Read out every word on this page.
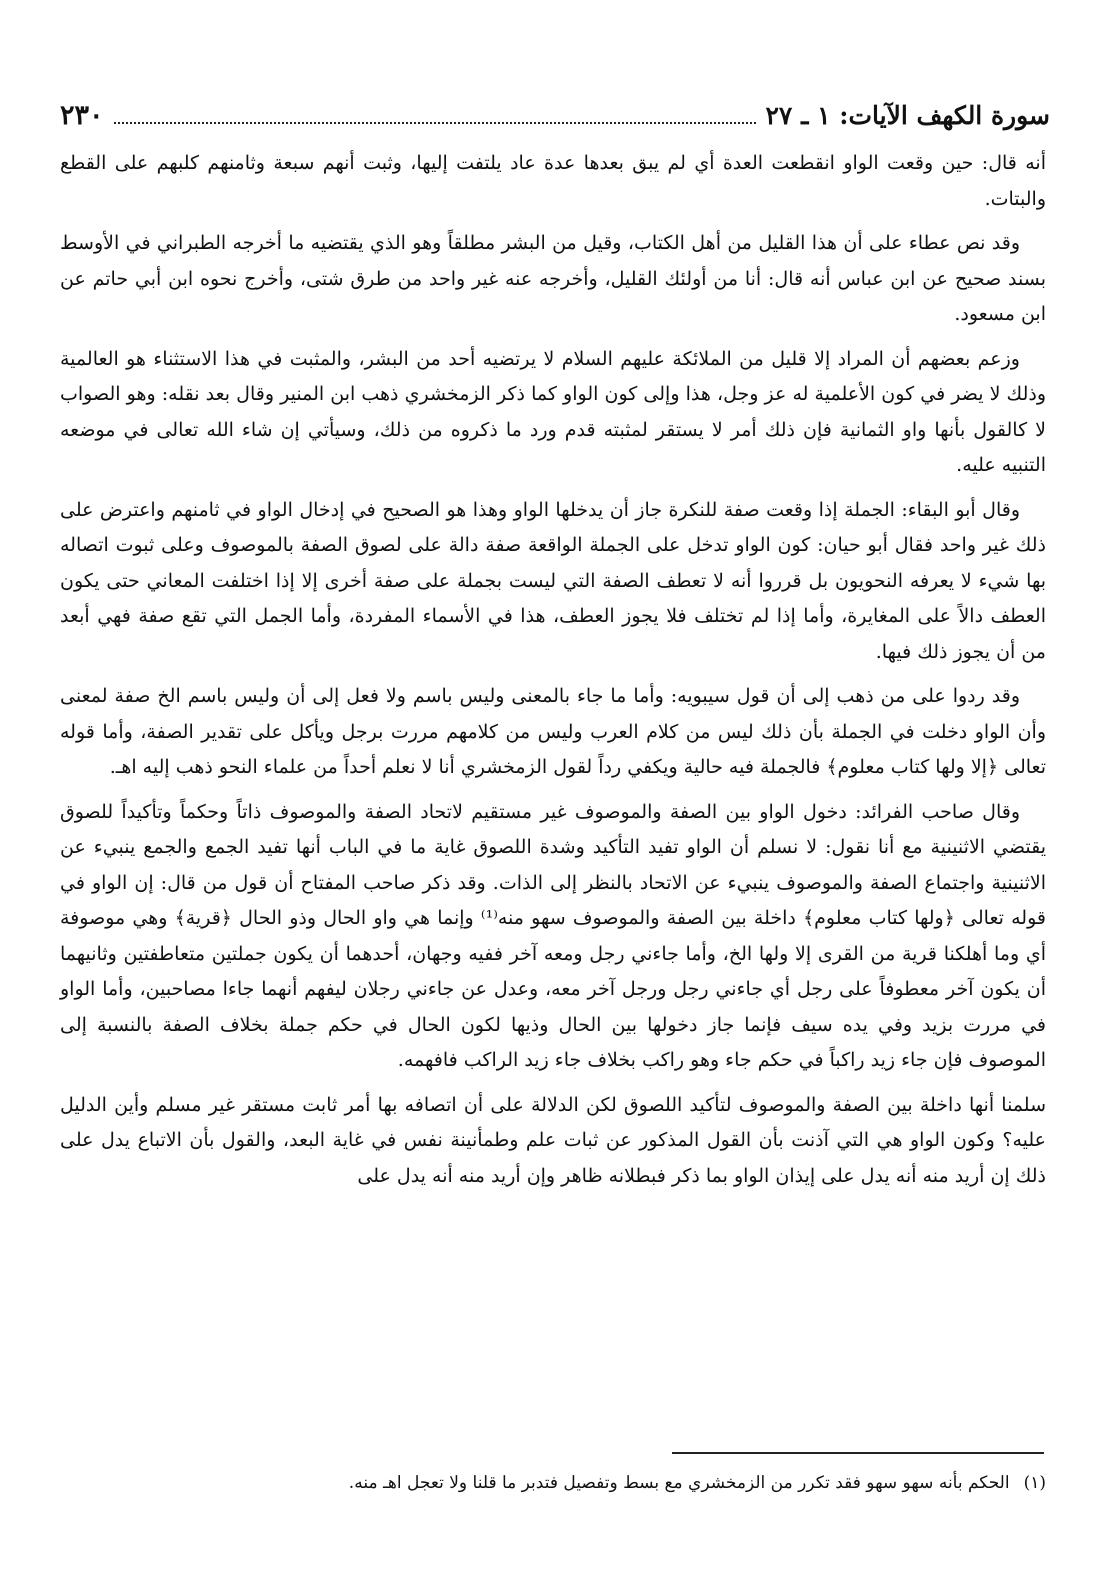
سورة الكهف الآيات: ١ ـ ٢٧
٢٣٠

أنه قال: حين وقعت الواو انقطعت العدة أي لم يبق بعدها عدة عاد يلتفت إليها، وثبت أنهم سبعة وثامنهم كلبهم على القطع والبتات.

وقد نص عطاء على أن هذا القليل من أهل الكتاب، وقيل من البشر مطلقاً وهو الذي يقتضيه ما أخرجه الطبراني في الأوسط بسند صحيح عن ابن عباس أنه قال: أنا من أولئك القليل، وأخرجه عنه غير واحد من طرق شتى، وأخرج نحوه ابن أبي حاتم عن ابن مسعود.

وزعم بعضهم أن المراد إلا قليل من الملائكة عليهم السلام لا يرتضيه أحد من البشر، والمثبت في هذا الاستثناء هو العالمية وذلك لا يضر في كون الأعلمية له عز وجل، هذا وإلى كون الواو كما ذكر الزمخشري ذهب ابن المنير وقال بعد نقله: وهو الصواب لا كالقول بأنها واو الثمانية فإن ذلك أمر لا يستقر لمثبته قدم ورد ما ذكروه من ذلك، وسيأتي إن شاء الله تعالى في موضعه التنبيه عليه.

وقال أبو البقاء: الجملة إذا وقعت صفة للنكرة جاز أن يدخلها الواو وهذا هو الصحيح في إدخال الواو في ثامنهم واعترض على ذلك غير واحد فقال أبو حيان: كون الواو تدخل على الجملة الواقعة صفة دالة على لصوق الصفة بالموصوف وعلى ثبوت اتصاله بها شيء لا يعرفه النحويون بل قرروا أنه لا تعطف الصفة التي ليست بجملة على صفة أخرى إلا إذا اختلفت المعاني حتى يكون العطف دالاً على المغايرة، وأما إذا لم تختلف فلا يجوز العطف، هذا في الأسماء المفردة، وأما الجمل التي تقع صفة فهي أبعد من أن يجوز ذلك فيها.

وقد ردوا على من ذهب إلى أن قول سيبويه: وأما ما جاء بالمعنى وليس باسم ولا فعل إلى أن وليس باسم الخ صفة لمعنى وأن الواو دخلت في الجملة بأن ذلك ليس من كلام العرب وليس من كلامهم مررت برجل ويأكل على تقدير الصفة، وأما قوله تعالى ﴿إلا ولها كتاب معلوم﴾ فالجملة فيه حالية ويكفي رداً لقول الزمخشري أنا لا نعلم أحداً من علماء النحو ذهب إليه اهـ.

وقال صاحب الفرائد: دخول الواو بين الصفة والموصوف غير مستقيم لاتحاد الصفة والموصوف ذاتاً وحكماً وتأكيداً للصوق يقتضي الاثنينية مع أنا نقول: لا نسلم أن الواو تفيد التأكيد وشدة اللصوق غاية ما في الباب أنها تفيد الجمع والجمع ينبيء عن الاثنينية واجتماع الصفة والموصوف ينبيء عن الاتحاد بالنظر إلى الذات. وقد ذكر صاحب المفتاح أن قول من قال: إن الواو في قوله تعالى ﴿ولها كتاب معلوم﴾ داخلة بين الصفة والموصوف سهو منه⁽¹⁾ وإنما هي واو الحال وذو الحال ﴿قرية﴾ وهي موصوفة أي وما أهلكنا قرية من القرى إلا ولها الخ، وأما جاءني رجل ومعه آخر ففيه وجهان، أحدهما أن يكون جملتين متعاطفتين وثانيهما أن يكون آخر معطوفاً على رجل أي جاءني رجل ورجل آخر معه، وعدل عن جاءني رجلان ليفهم أنهما جاءا مصاحبين، وأما الواو في مررت بزيد وفي يده سيف فإنما جاز دخولها بين الحال وذيها لكون الحال في حكم جملة بخلاف الصفة بالنسبة إلى الموصوف فإن جاء زيد راكباً في حكم جاء وهو راكب بخلاف جاء زيد الراكب فافهمه.

سلمنا أنها داخلة بين الصفة والموصوف لتأكيد اللصوق لكن الدلالة على أن اتصافه بها أمر ثابت مستقر غير مسلم وأين الدليل عليه؟ وكون الواو هي التي آذنت بأن القول المذكور عن ثبات علم وطمأنينة نفس في غاية البعد، والقول بأن الاتباع يدل على ذلك إن أريد منه أنه يدل على إيذان الواو بما ذكر فبطلانه ظاهر وإن أريد منه أنه يدل على

(١)الحكم بأنه سهو سهو فقد تكرر من الزمخشري مع بسط وتفصيل فتدبر ما قلنا ولا تعجل اهـ منه.
